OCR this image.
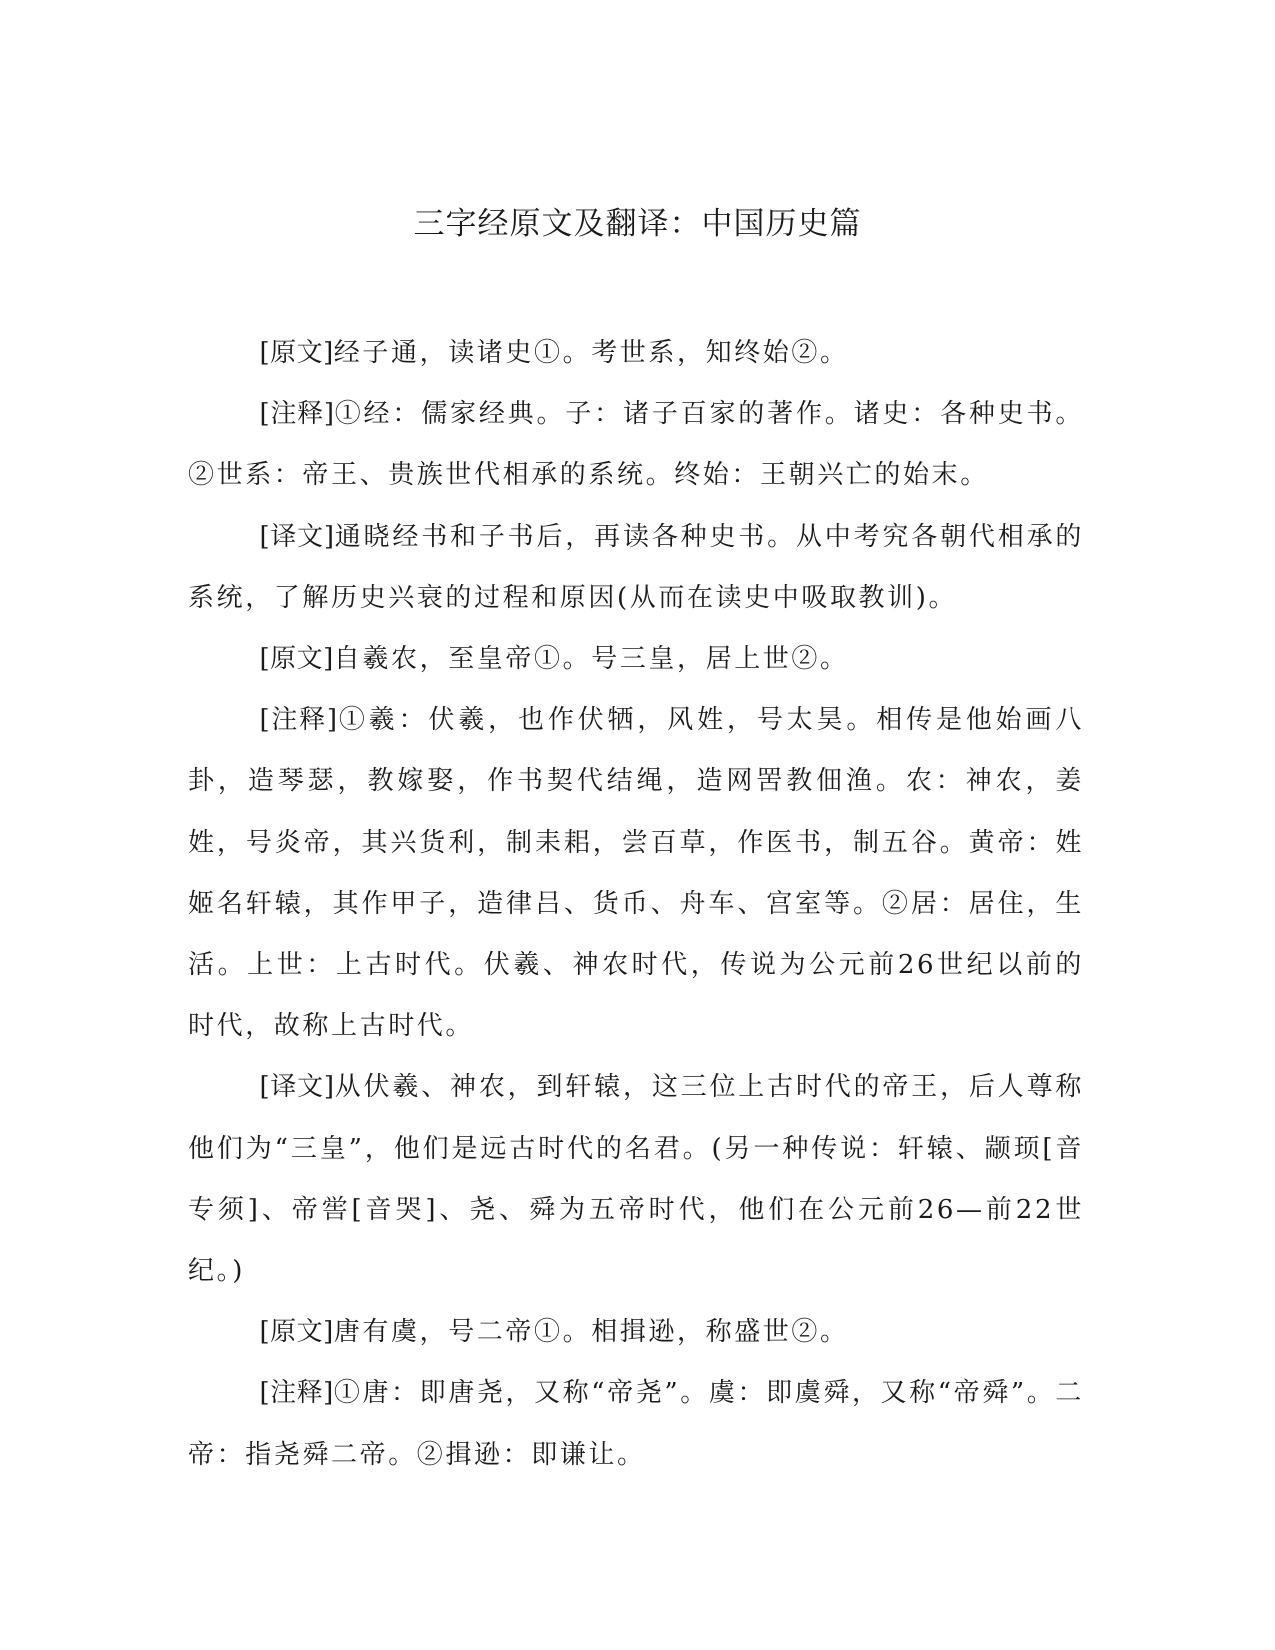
三字经原文及翻译：中国历史篇

[原文]经子通，读诸史①。考世系，知终始②。

[注释]①经：儒家经典。子：诸子百家的著作。诸史：各种史书。②世系：帝王、贵族世代相承的系统。终始：王朝兴亡的始末。

[译文]通晓经书和子书后，再读各种史书。从中考究各朝代相承的系统，了解历史兴衰的过程和原因(从而在读史中吸取教训)。

[原文]自羲农，至皇帝①。号三皇，居上世②。

[注释]①羲：伏羲，也作伏牺，风姓，号太昊。相传是他始画八卦，造琴瑟，教嫁娶，作书契代结绳，造网罟教佃渔。农：神农，姜姓，号炎帝，其兴货利，制耒耜，尝百草，作医书，制五谷。黄帝：姓姬名轩辕，其作甲子，造律吕、货币、舟车、宫室等。②居：居住，生活。上世：上古时代。伏羲、神农时代，传说为公元前26世纪以前的时代，故称上古时代。

[译文]从伏羲、神农，到轩辕，这三位上古时代的帝王，后人尊称他们为“三皇”，他们是远古时代的名君。(另一种传说：轩辕、颛顼[音专须]、帝喾[音哭]、尧、舜为五帝时代，他们在公元前26—前22世纪。)

[原文]唐有虞，号二帝①。相揖逊，称盛世②。

[注释]①唐：即唐尧，又称“帝尧”。虞：即虞舜，又称“帝舜”。二帝：指尧舜二帝。②揖逊：即谦让。
